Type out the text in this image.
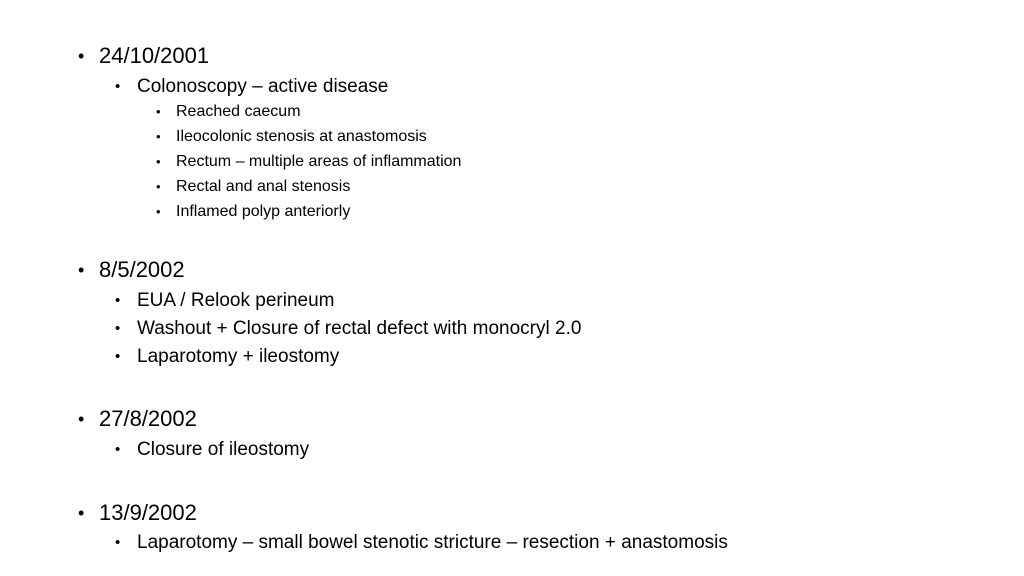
• 24/10/2001
• Colonoscopy – active disease
• Reached caecum
• Ileocolonic stenosis at anastomosis
• Rectum – multiple areas of inflammation
• Rectal and anal stenosis
• Inflamed polyp anteriorly
• 8/5/2002
• EUA / Relook perineum
• Washout + Closure of rectal defect with monocryl 2.0
• Laparotomy + ileostomy
• 27/8/2002
• Closure of ileostomy
• 13/9/2002
• Laparotomy – small bowel stenotic stricture – resection + anastomosis
